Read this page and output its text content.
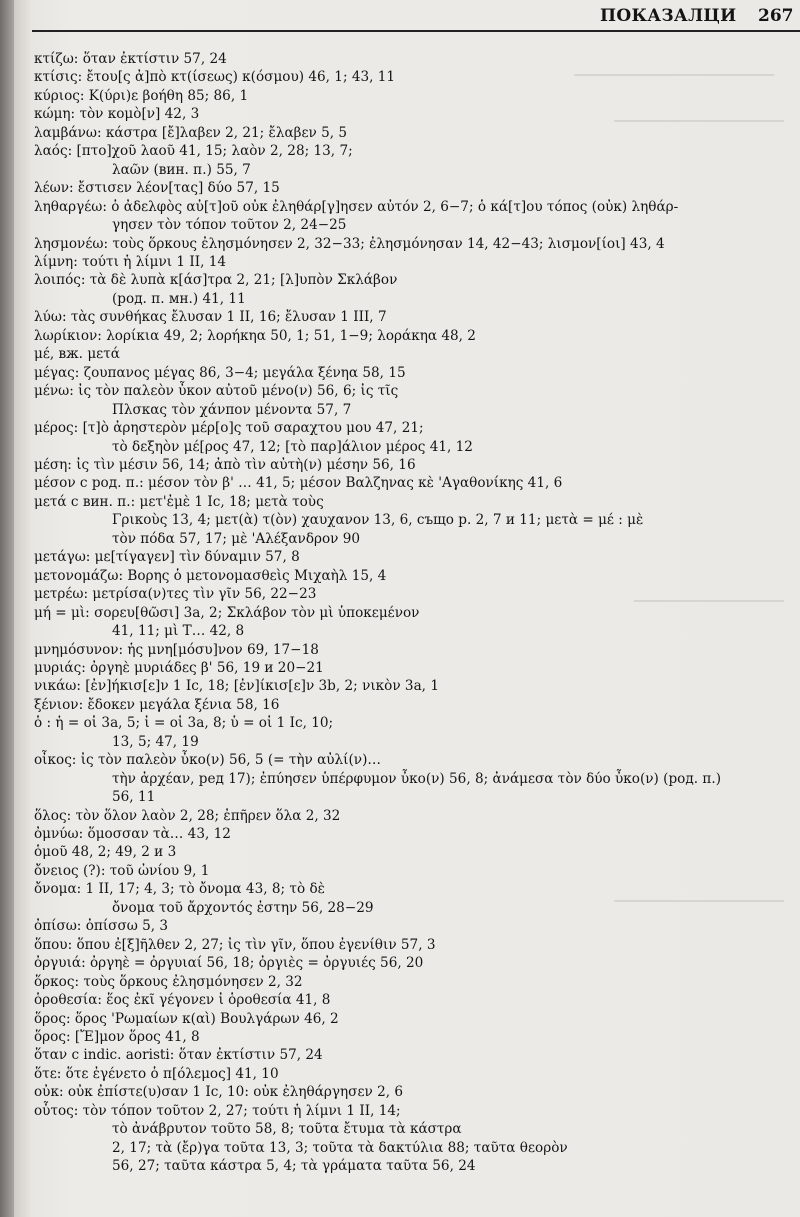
ПОКАЗАЛЦИ 267
κτίζω: ὅταν ἐκτίστιν 57, 24
κτίσις: ἔτου[ς ἀ]πὸ κτ(ίσεως) κ(όσμου) 46, 1; 43, 11
κύριος: Κ(ύρι)ε βοήθη 85; 86, 1
κώμη: τὸν κομὸ[ν] 42, 3
λαμβάνω: κάστρα [ἔ]λαβεν 2, 21; ἔλαβεν 5, 5
λαός: [πτο]χοῦ λαοῦ 41, 15; λαὸν 2, 28; 13, 7;
λαῶν (вин. п.) 55, 7
λέων: ἔστισεν λέον[τας] δύο 57, 15
ληθαργέω: ὁ ἀδελφὸς αὐ[τ]οῦ οὐκ ἐληθάρ[γ]ησεν αὐτόν 2, 6−7; ὁ κά[τ]ου τόπος (οὐκ) ληθάρ-
γησεν τὸν τόπον τοῦτον 2, 24−25
λησμονέω: τοὺς ὅρκους ἐλησμόνησεν 2, 32−33; ἐλησμόνησαν 14, 42−43; λισμον[ίοι] 43, 4
λίμνη: τούτι ἡ λίμνι 1 II, 14
λοιπός: τὰ δὲ λυπὰ κ[άσ]τρα 2, 21; [λ]υπὸν Σκλάβον
(род. п. мн.) 41, 11
λύω: τὰς συνθήκας ἔλυσαν 1 II, 16; ἔλυσαν 1 III, 7
λωρίκιον: λορίκια 49, 2; λορήκηα 50, 1; 51, 1−9; λοράκηα 48, 2
μέ, вж. μετά
μέγας: ζουπανος μέγας 86, 3−4; μεγάλα ξένηα 58, 15
μένω: ἰς τὸν παλεὸν ὖκον αὐτοῦ μένο(ν) 56, 6; ἰς τῖς
Πλσκας τὸν χάνπον μένοντα 57, 7
μέρος: [τ]ὸ ἀρηστερὸν μέρ[ο]ς τοῦ σαραχτου μου 47, 21;
τὸ δεξηὸν μέ[ρος 47, 12; [τὸ παρ]άλιον μέρος 41, 12
μέση: ἰς τὶν μέσιν 56, 14; ἀπὸ τὶν αὐτὴ(ν) μέσην 56, 16
μέσον с род. п.: μέσον τὸν β' … 41, 5; μέσον Βαλζηνας κὲ 'Αγαθονίκης 41, 6
μετά с вин. п.: μετ'ἐμὲ 1 Ic, 18; μετὰ τοὺς
Γρικοὺς 13, 4; μετ(ὰ) τ(ὸν) χαυχανον 13, 6, също р. 2, 7 и 11; μετὰ = μέ : μὲ
τὸν πόδα 57, 17; μὲ 'Αλέξανδρον 90
μετάγω: με[τίγαγεν] τὶν δύναμιν 57, 8
μετονομάζω: Βορης ὁ μετονομασθεὶς Μιχαὴλ 15, 4
μετρέω: μετρίσα(ν)τες τὶν γῖν 56, 22−23
μή = μὶ: σορευ[θῶσι] 3a, 2; Σκλάβον τὸν μὶ ὑποκεμένον
41, 11; μὶ Τ… 42, 8
μνημόσυνον: ἡς μνη[μόσυ]νον 69, 17−18
μυριάς: ὀργηὲ μυριάδες β' 56, 19 и 20−21
νικάω: [ἐν]ήκισ[ε]ν 1 Ic, 18; [ἐν]ίκισ[ε]ν 3b, 2; νικὸν 3a, 1
ξένιον: ἔδοκεν μεγάλα ξένια 58, 16
ὁ : ἡ = οἱ 3a, 5; ἰ = οἱ 3a, 8; ὑ = οἱ 1 Ic, 10;
13, 5; 47, 19
οἶκος: ἰς τὸν παλεὸν ὖκο(ν) 56, 5 (= τὴν αὐλί(ν)…
τὴν ἀρχέαν, ред 17); ἐπύησεν ὑπέρφυμον ὖκο(ν) 56, 8; ἀνάμεσα τὸν δύο ὖκο(ν) (род. п.)
56, 11
ὅλος: τὸν ὅλον λαὸν 2, 28; ἐπῆρεν ὅλα 2, 32
ὀμνύω: ὅμοσσαν τὰ… 43, 12
ὁμοῦ 48, 2; 49, 2 и 3
ὄνειος (?): τοῦ ὠνίου 9, 1
ὄνομα: 1 II, 17; 4, 3; τὸ ὄνομα 43, 8; τὸ δὲ
ὄνομα τοῦ ἄρχοντός ἐστην 56, 28−29
ὀπίσω: ὀπίσσω 5, 3
ὅπου: ὅπου ἐ[ξ]ῆλθεν 2, 27; ἰς τὶν γῖν, ὅπου ἐγενίθιν 57, 3
ὀργυιά: ὀργηὲ = ὀργυιαί 56, 18; ὀργιὲς = ὀργυιές 56, 20
ὅρκος: τοὺς ὅρκους ἐλησμόνησεν 2, 32
ὁροθεσία: ἕος ἐκῖ γέγονεν ἰ ὁροθεσία 41, 8
ὅρος: ὅρος 'Ρωμαίων κ(αὶ) Βουλγάρων 46, 2
ὅρος: [Ἔ]μον ὅρος 41, 8
ὅταν с indic. aoristi: ὅταν ἐκτίστιν 57, 24
ὅτε: ὅτε ἐγένετο ὁ π[όλεμος] 41, 10
οὐκ: οὐκ ἐπίστε(υ)σαν 1 Ic, 10: οὐκ ἐληθάργησεν 2, 6
οὗτος: τὸν τόπον τοῦτον 2, 27; τούτι ἡ λίμνι 1 II, 14;
τὸ ἀνάβρυτον τοῦτο 58, 8; τοῦτα ἔτυμα τὰ κάστρα
2, 17; τὰ (ἔρ)γα τοῦτα 13, 3; τοῦτα τὰ δακτύλια 88; ταῦτα θεορὸν
56, 27; ταῦτα κάστρα 5, 4; τὰ γράματα ταῦτα 56, 24
